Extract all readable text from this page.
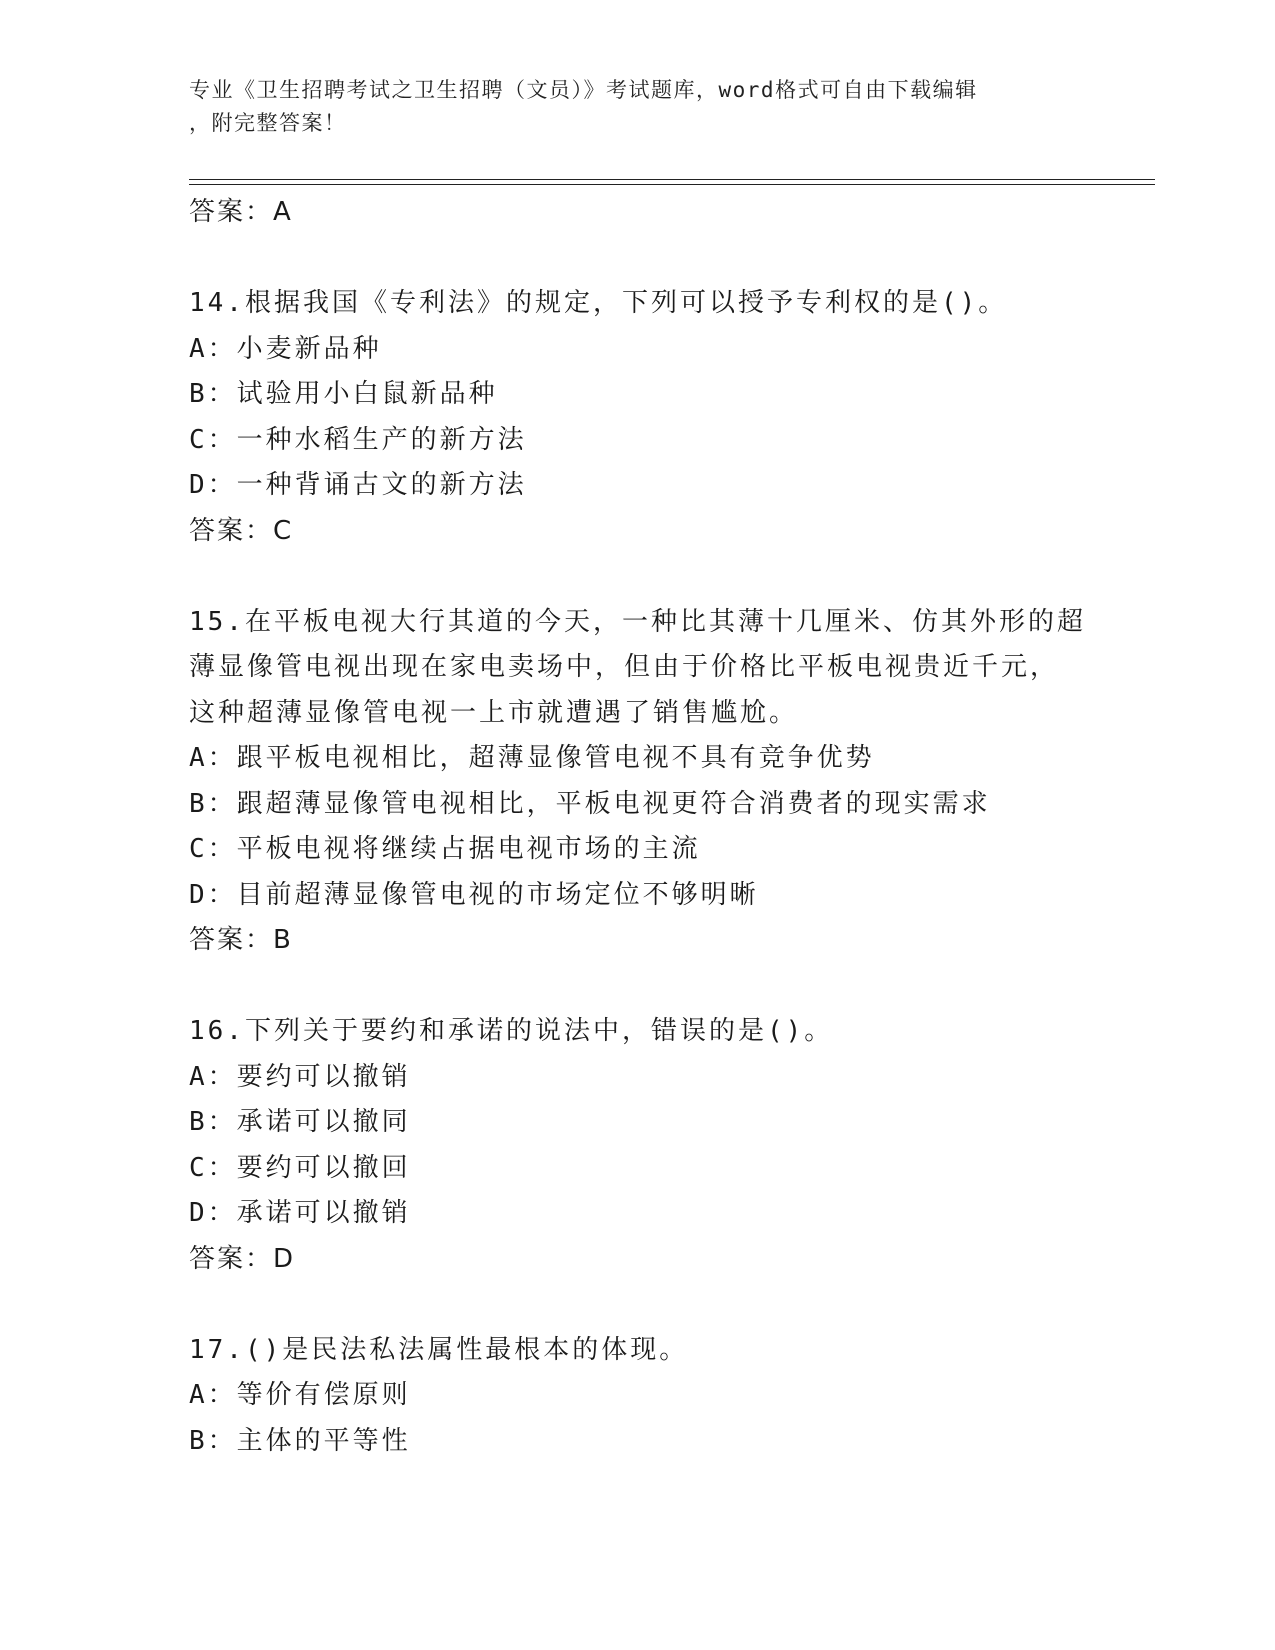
专业《卫生招聘考试之卫生招聘（文员）》考试题库，word格式可自由下载编辑
，附完整答案！
答案：A
14.根据我国《专利法》的规定，下列可以授予专利权的是()。
A：小麦新品种
B：试验用小白鼠新品种
C：一种水稻生产的新方法
D：一种背诵古文的新方法
答案：C
15.在平板电视大行其道的今天，一种比其薄十几厘米、仿其外形的超
薄显像管电视出现在家电卖场中，但由于价格比平板电视贵近千元，
这种超薄显像管电视一上市就遭遇了销售尴尬。
A：跟平板电视相比，超薄显像管电视不具有竞争优势
B：跟超薄显像管电视相比，平板电视更符合消费者的现实需求
C：平板电视将继续占据电视市场的主流
D：目前超薄显像管电视的市场定位不够明晰
答案：B
16.下列关于要约和承诺的说法中，错误的是()。
A：要约可以撤销
B：承诺可以撤同
C：要约可以撤回
D：承诺可以撤销
答案：D
17.()是民法私法属性最根本的体现。
A：等价有偿原则
B：主体的平等性
